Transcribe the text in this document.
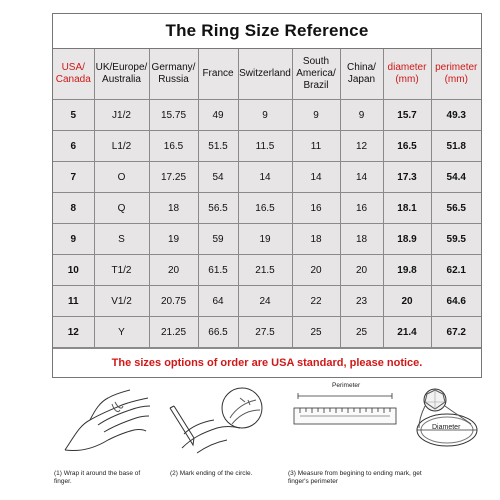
The Ring Size Reference
USA/ Canada	UK/Europe/ Australia	Germany/ Russia	France	Switzerland	South America/ Brazil	China/ Japan	diameter (mm)	perimeter (mm)
5	J1/2	15.75	49	9	9	9	15.7	49.3
6	L1/2	16.5	51.5	11.5	11	12	16.5	51.8
7	O	17.25	54	14	14	14	17.3	54.4
8	Q	18	56.5	16.5	16	16	18.1	56.5
9	S	19	59	19	18	18	18.9	59.5
10	T1/2	20	61.5	21.5	20	20	19.8	62.1
11	V1/2	20.75	64	24	22	23	20	64.6
12	Y	21.25	66.5	27.5	25	25	21.4	67.2
The sizes options of order are USA standard, please notice.
Perimeter
Diameter
(1) Wrap it around the base of finger.
(2) Mark ending of the circle.	(3) Measure from begining to ending mark, get finger's perimeter
